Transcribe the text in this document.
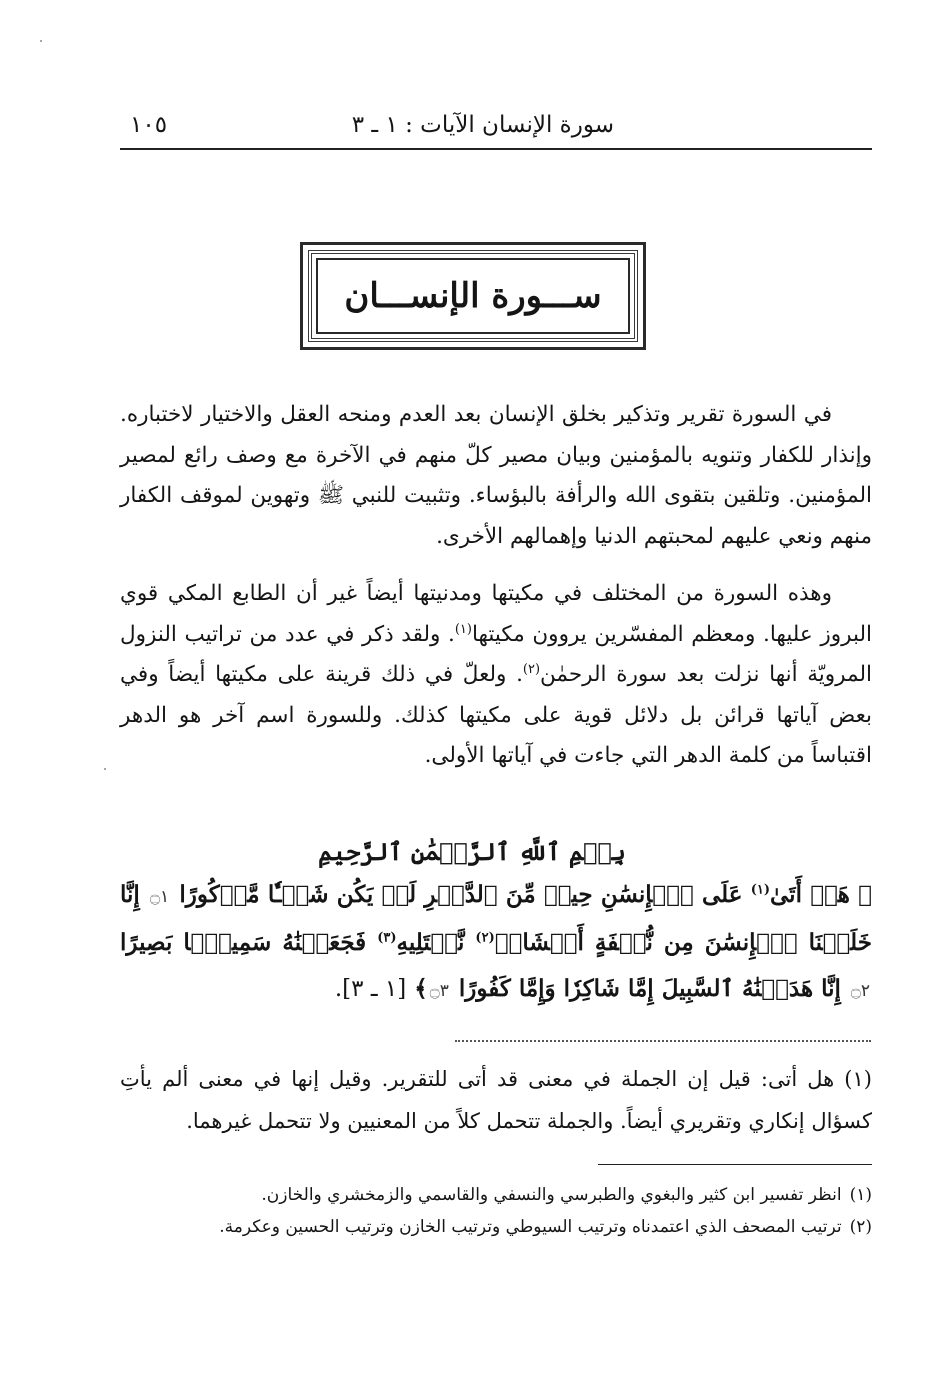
سورة الإنسان الآيات : ١ ـ ٣
١٠٥
ســـورة الإنســـان

في السورة تقرير وتذكير بخلق الإنسان بعد العدم ومنحه العقل والاختيار لاختباره. وإنذار للكفار وتنويه بالمؤمنين وبيان مصير كلّ منهم في الآخرة مع وصف رائع لمصير المؤمنين. وتلقين بتقوى الله والرأفة بالبؤساء. وتثبيت للنبي ﷺ وتهوين لموقف الكفار منهم ونعي عليهم لمحبتهم الدنيا وإهمالهم الأخرى.

وهذه السورة من المختلف في مكيتها ومدنيتها أيضاً غير أن الطابع المكي قوي البروز عليها. ومعظم المفسّرين يروون مكيتها$^{(١)}$. ولقد ذكر في عدد من تراتيب النزول المرويّة أنها نزلت بعد سورة الرحمٰن$^{(٢)}$. ولعلّ في ذلك قرينة على مكيتها أيضاً وفي بعض آياتها قرائن بل دلائل قوية على مكيتها كذلك. وللسورة اسم آخر هو الدهر اقتباساً من كلمة الدهر التي جاءت في آياتها الأولى.

بِسۡمِ ٱللَّهِ ٱلرَّحۡمَٰنِ ٱلرَّحِيمِ

﴿ هَلۡ أَتَىٰ$^{(١)}$ عَلَى ٱلۡإِنسَٰنِ حِينٞ مِّنَ ٱلدَّهۡرِ لَمۡ يَكُن شَيۡـٔٗا مَّذۡكُورًا ۝١ إِنَّا خَلَقۡنَا ٱلۡإِنسَٰنَ مِن نُّطۡفَةٍ أَمۡشَاجٖ$^{(٢)}$ نَّبۡتَلِيهِ$^{(٣)}$ فَجَعَلۡنَٰهُ سَمِيعَۢا بَصِيرًا ۝٢ إِنَّا هَدَيۡنَٰهُ ٱلسَّبِيلَ إِمَّا شَاكِرٗا وَإِمَّا كَفُورًا ۝٣﴾ [١ ـ ٣].

(١) هل أتى: قيل إن الجملة في معنى قد أتى للتقرير. وقيل إنها في معنى ألم يأتِ كسؤال إنكاري وتقريري أيضاً. والجملة تتحمل كلاً من المعنيين ولا تتحمل غيرهما.

(١)انظر تفسير ابن كثير والبغوي والطبرسي والنسفي والقاسمي والزمخشري والخازن.

(٢)ترتيب المصحف الذي اعتمدناه وترتيب السيوطي وترتيب الخازن وترتيب الحسين وعكرمة.
